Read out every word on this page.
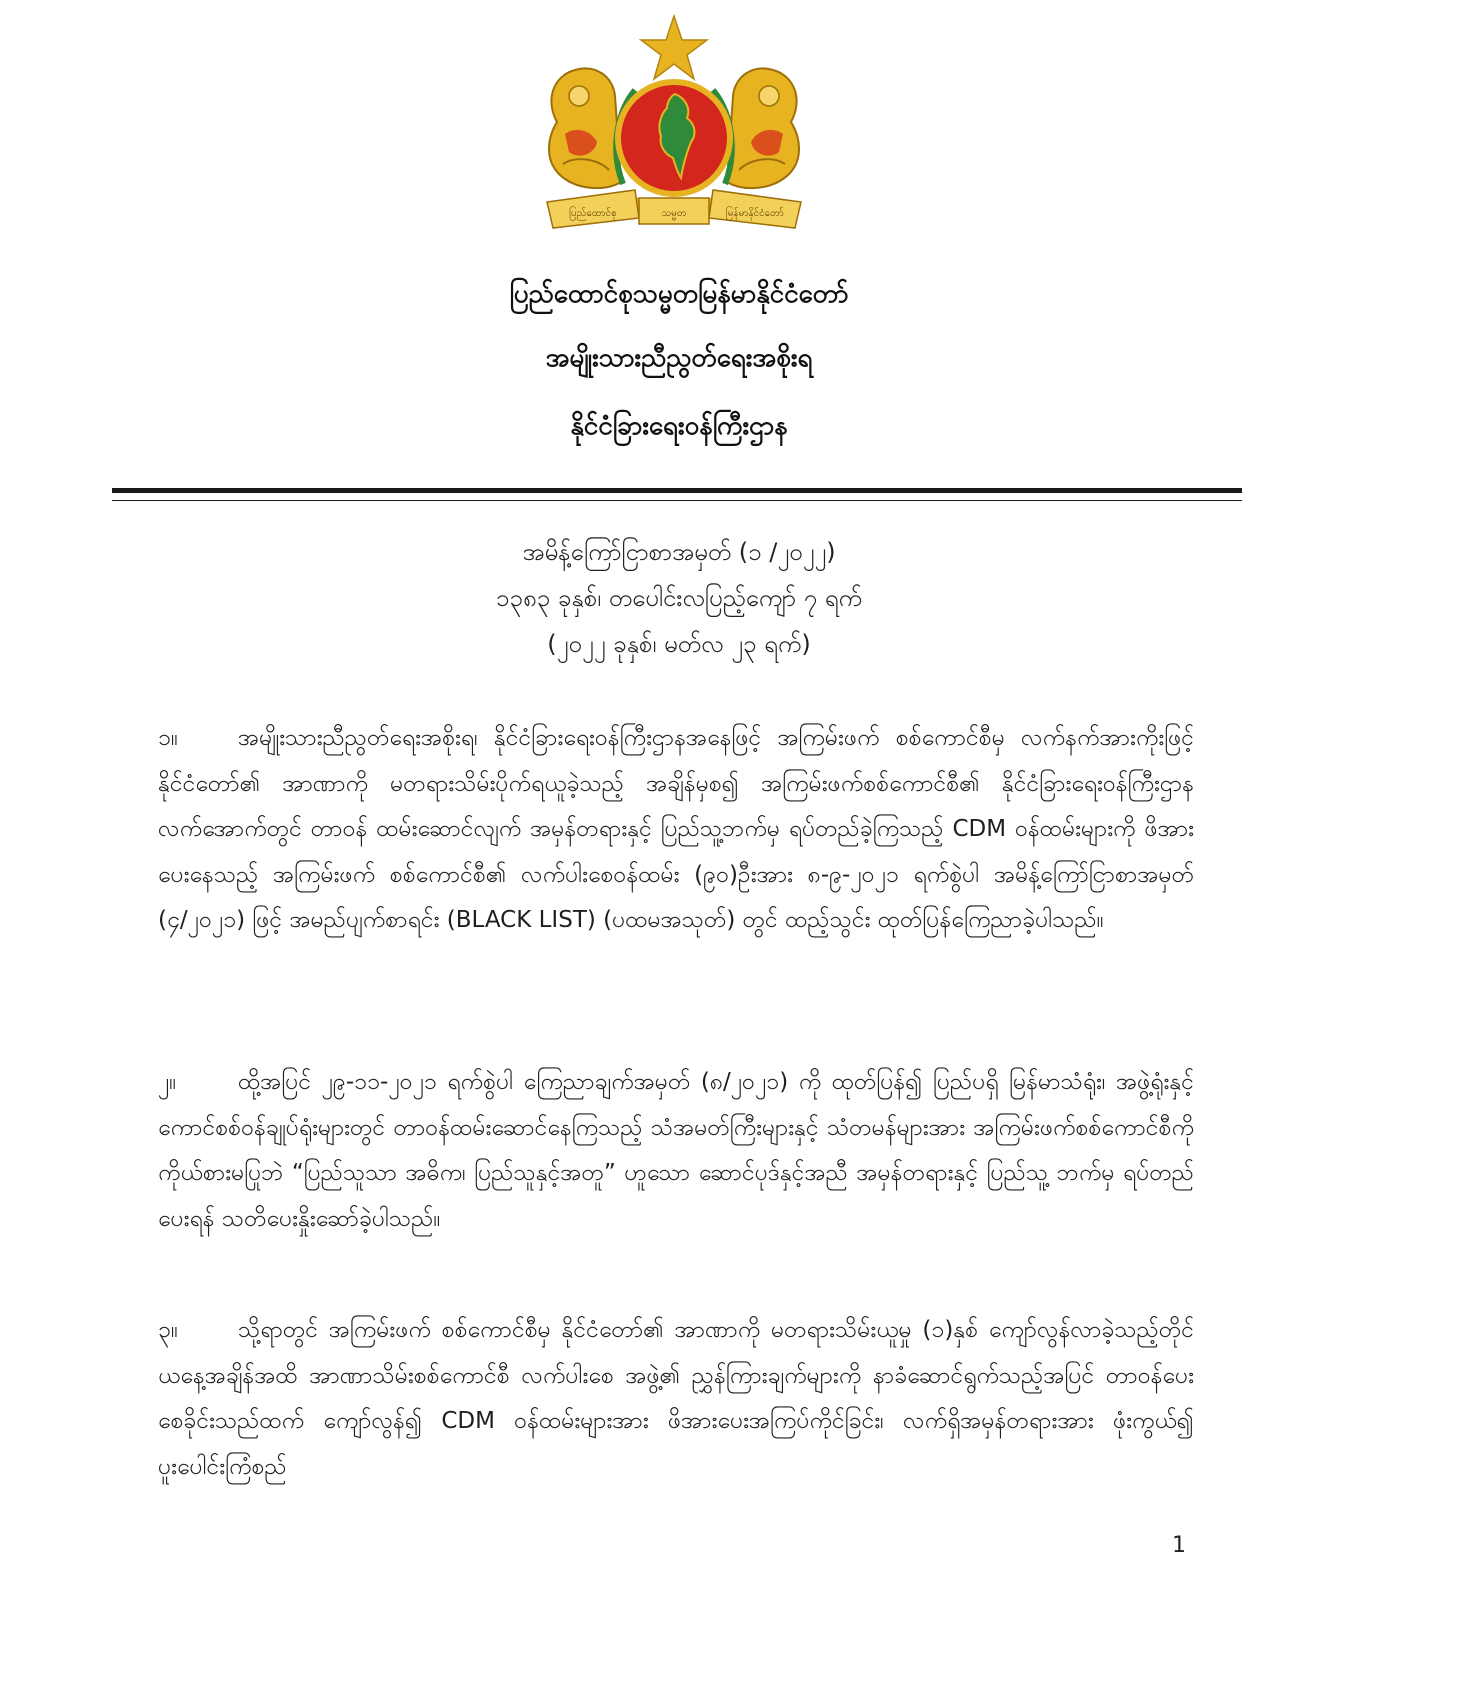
ပြည်ထောင်စု	သမ္မတ	မြန်မာနိုင်ငံတော်
ပြည်ထောင်စုသမ္မတမြန်မာနိုင်ငံတော်
အမျိုးသားညီညွတ်ရေးအစိုးရ
နိုင်ငံခြားရေးဝန်ကြီးဌာန
အမိန့်ကြော်ငြာစာအမှတ် (၁ /၂၀၂၂)
၁၃၈၃ ခုနှစ်၊ တပေါင်းလပြည့်ကျော် ၇ ရက်
(၂၀၂၂ ခုနှစ်၊ မတ်လ ၂၃ ရက်)
၁။	အမျိုးသားညီညွတ်ရေးအစိုးရ၊ နိုင်ငံခြားရေးဝန်ကြီးဌာနအနေဖြင့် အကြမ်းဖက် စစ်ကောင်စီမှ လက်နက်အားကိုးဖြင့် နိုင်ငံတော်၏ အာဏာကို မတရားသိမ်းပိုက်ရယူခဲ့သည့် အချိန်မှစ၍ အကြမ်းဖက်စစ်ကောင်စီ၏ နိုင်ငံခြားရေးဝန်ကြီးဌာနလက်အောက်တွင် တာဝန် ထမ်းဆောင်လျက် အမှန်တရားနှင့် ပြည်သူ့ဘက်မှ ရပ်တည်ခဲ့ကြသည့် CDM ဝန်ထမ်းများကို ဖိအားပေးနေသည့် အကြမ်းဖက် စစ်ကောင်စီ၏ လက်ပါးစေဝန်ထမ်း (၉၀)ဦးအား ၈-၉-၂၀၂၁ ရက်စွဲပါ အမိန့်ကြော်ငြာစာအမှတ် (၄/၂၀၂၁) ဖြင့် အမည်ပျက်စာရင်း (BLACK LIST) (ပထမအသုတ်) တွင် ထည့်သွင်း ထုတ်ပြန်ကြေညာခဲ့ပါသည်။
၂။	ထို့အပြင် ၂၉-၁၁-၂၀၂၁ ရက်စွဲပါ ကြေညာချက်အမှတ် (၈/၂၀၂၁) ကို ထုတ်ပြန်၍ ပြည်ပရှိ မြန်မာသံရုံး၊ အဖွဲ့ရုံးနှင့် ကောင်စစ်ဝန်ချုပ်ရုံးများတွင် တာဝန်ထမ်းဆောင်နေကြသည့် သံအမတ်ကြီးများနှင့် သံတမန်များအား အကြမ်းဖက်စစ်ကောင်စီကို ကိုယ်စားမပြုဘဲ “ပြည်သူသာ အဓိက၊ ပြည်သူနှင့်အတူ” ဟူသော ဆောင်ပုဒ်နှင့်အညီ အမှန်တရားနှင့် ပြည်သူ့ ဘက်မှ ရပ်တည်ပေးရန် သတိပေးနှိုးဆော်ခဲ့ပါသည်။
၃။	သို့ရာတွင် အကြမ်းဖက် စစ်ကောင်စီမှ နိုင်ငံတော်၏ အာဏာကို မတရားသိမ်းယူမှု (၁)နှစ် ကျော်လွန်လာခဲ့သည့်တိုင် ယနေ့အချိန်အထိ အာဏာသိမ်းစစ်ကောင်စီ လက်ပါးစေ အဖွဲ့၏ ညွှန်ကြားချက်များကို နာခံဆောင်ရွက်သည့်အပြင် တာဝန်ပေးစေခိုင်းသည်ထက် ကျော်လွန်၍ CDM ဝန်ထမ်းများအား ဖိအားပေးအကြပ်ကိုင်ခြင်း၊ လက်ရှိအမှန်တရားအား ဖုံးကွယ်၍ ပူးပေါင်းကြံစည်
1
